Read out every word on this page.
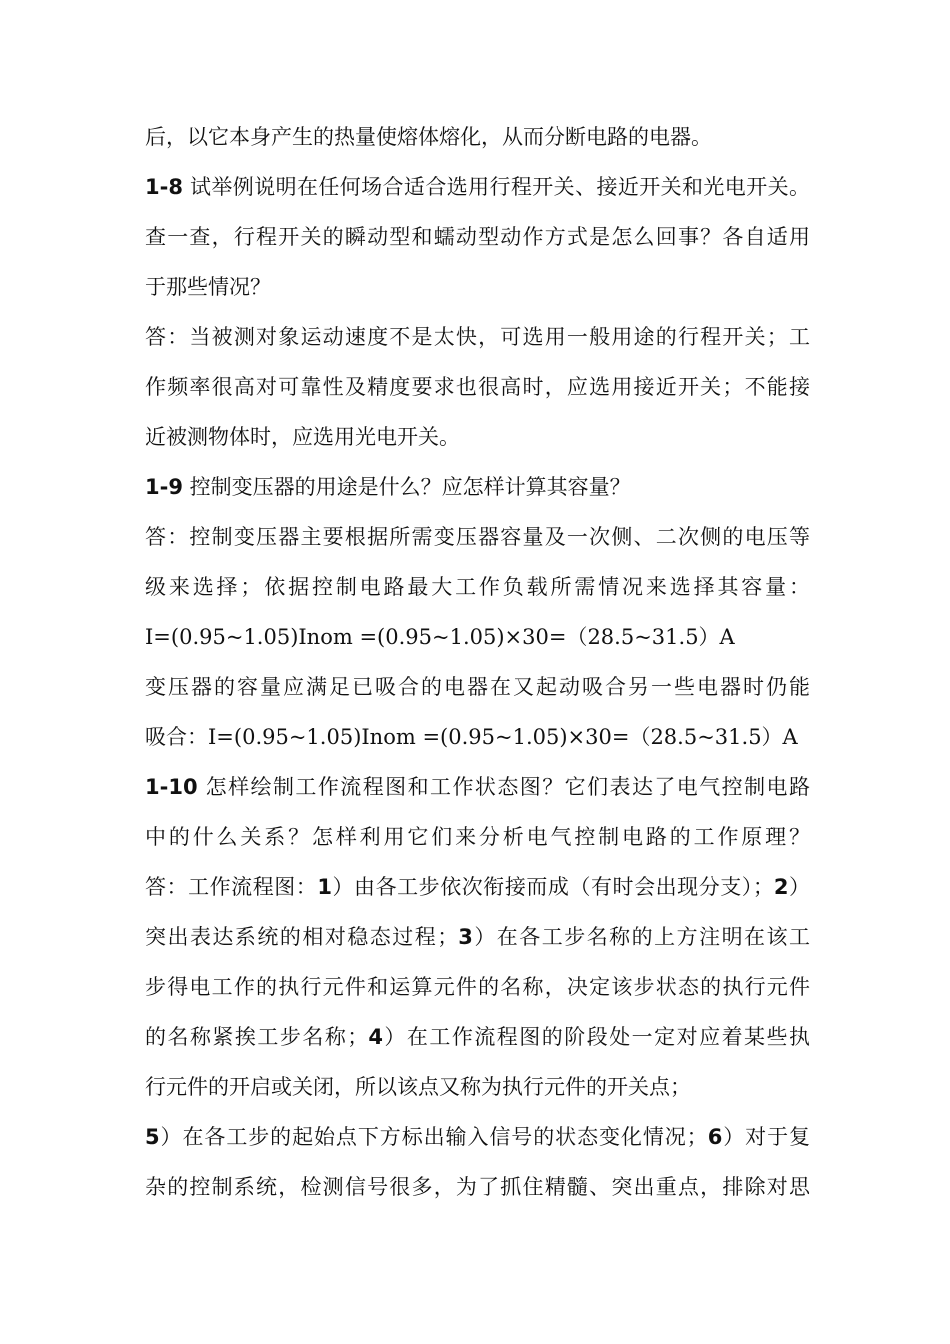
后，以它本身产生的热量使熔体熔化，从而分断电路的电器。
1-8 试举例说明在任何场合适合选用行程开关、接近开关和光电开关。
查一查，行程开关的瞬动型和蠕动型动作方式是怎么回事？各自适用
于那些情况？
答：当被测对象运动速度不是太快，可选用一般用途的行程开关；工
作频率很高对可靠性及精度要求也很高时，应选用接近开关；不能接
近被测物体时，应选用光电开关。
1-9 控制变压器的用途是什么？应怎样计算其容量？
答：控制变压器主要根据所需变压器容量及一次侧、二次侧的电压等
级来选择；依据控制电路最大工作负载所需情况来选择其容量：
I=(0.95~1.05)Inom =(0.95~1.05)×30=（28.5~31.5）A
变压器的容量应满足已吸合的电器在又起动吸合另一些电器时仍能
吸合：I=(0.95~1.05)Inom =(0.95~1.05)×30=（28.5~31.5）A
1-10 怎样绘制工作流程图和工作状态图？它们表达了电气控制电路
中的什么关系？怎样利用它们来分析电气控制电路的工作原理？
答：工作流程图：1）由各工步依次衔接而成（有时会出现分支）；2）
突出表达系统的相对稳态过程；3）在各工步名称的上方注明在该工
步得电工作的执行元件和运算元件的名称，决定该步状态的执行元件
的名称紧挨工步名称；4）在工作流程图的阶段处一定对应着某些执
行元件的开启或关闭，所以该点又称为执行元件的开关点；
5）在各工步的起始点下方标出输入信号的状态变化情况；6）对于复
杂的控制系统，检测信号很多，为了抓住精髓、突出重点，排除对思
